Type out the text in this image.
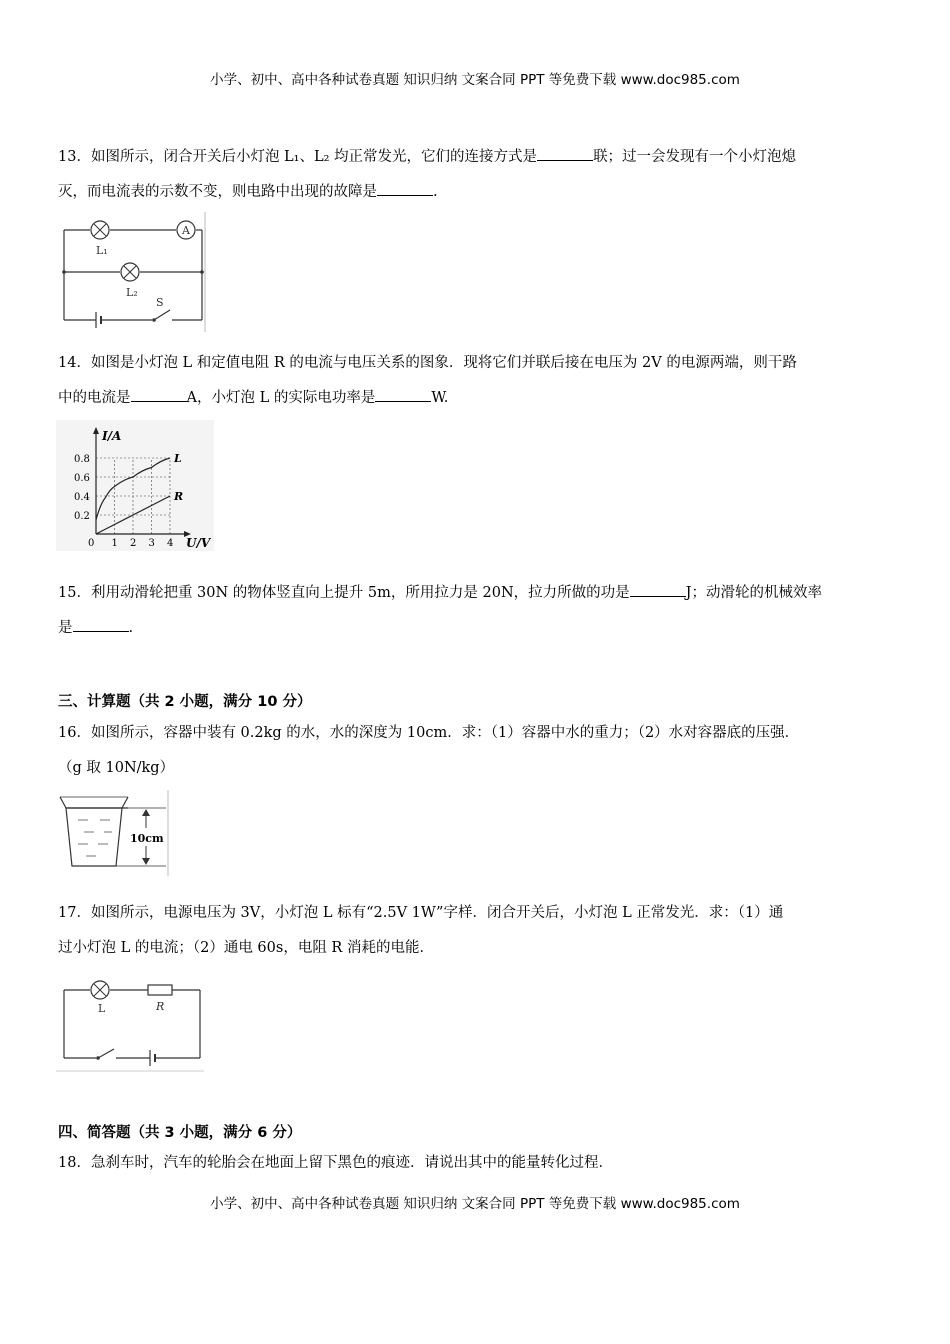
小学、初中、高中各种试卷真题 知识归纳 文案合同 PPT 等免费下载 www.doc985.com
13．如图所示，闭合开关后小灯泡 L₁、L₂ 均正常发光，它们的连接方式是	联；过一会发现有一个小灯泡熄
灭，而电流表的示数不变，则电路中出现的故障是	.
L₁
A
L₂
S
14．如图是小灯泡 L 和定值电阻 R 的电流与电压关系的图象．现将它们并联后接在电压为 2V 的电源两端，则干路
中的电流是	A，小灯泡 L 的实际电功率是	W.
0 1 2 3 4
0.2
0.4
0.6
0.8	L
R
I/A
U/V
15．利用动滑轮把重 30N 的物体竖直向上提升 5m，所用拉力是 20N，拉力所做的功是	J；动滑轮的机械效率
是	.
三、计算题（共 2 小题，满分 10 分）
16．如图所示，容器中装有 0.2kg 的水，水的深度为 10cm．求：（1）容器中水的重力；（2）水对容器底的压强．
（g 取 10N/kg）
10cm
17．如图所示，电源电压为 3V，小灯泡 L 标有“2.5V 1W”字样．闭合开关后，小灯泡 L 正常发光．求：（1）通
过小灯泡 L 的电流；（2）通电 60s，电阻 R 消耗的电能．
L	R
四、简答题（共 3 小题，满分 6 分）
18．急刹车时，汽车的轮胎会在地面上留下黑色的痕迹．请说出其中的能量转化过程．
小学、初中、高中各种试卷真题 知识归纳 文案合同 PPT 等免费下载 www.doc985.com
